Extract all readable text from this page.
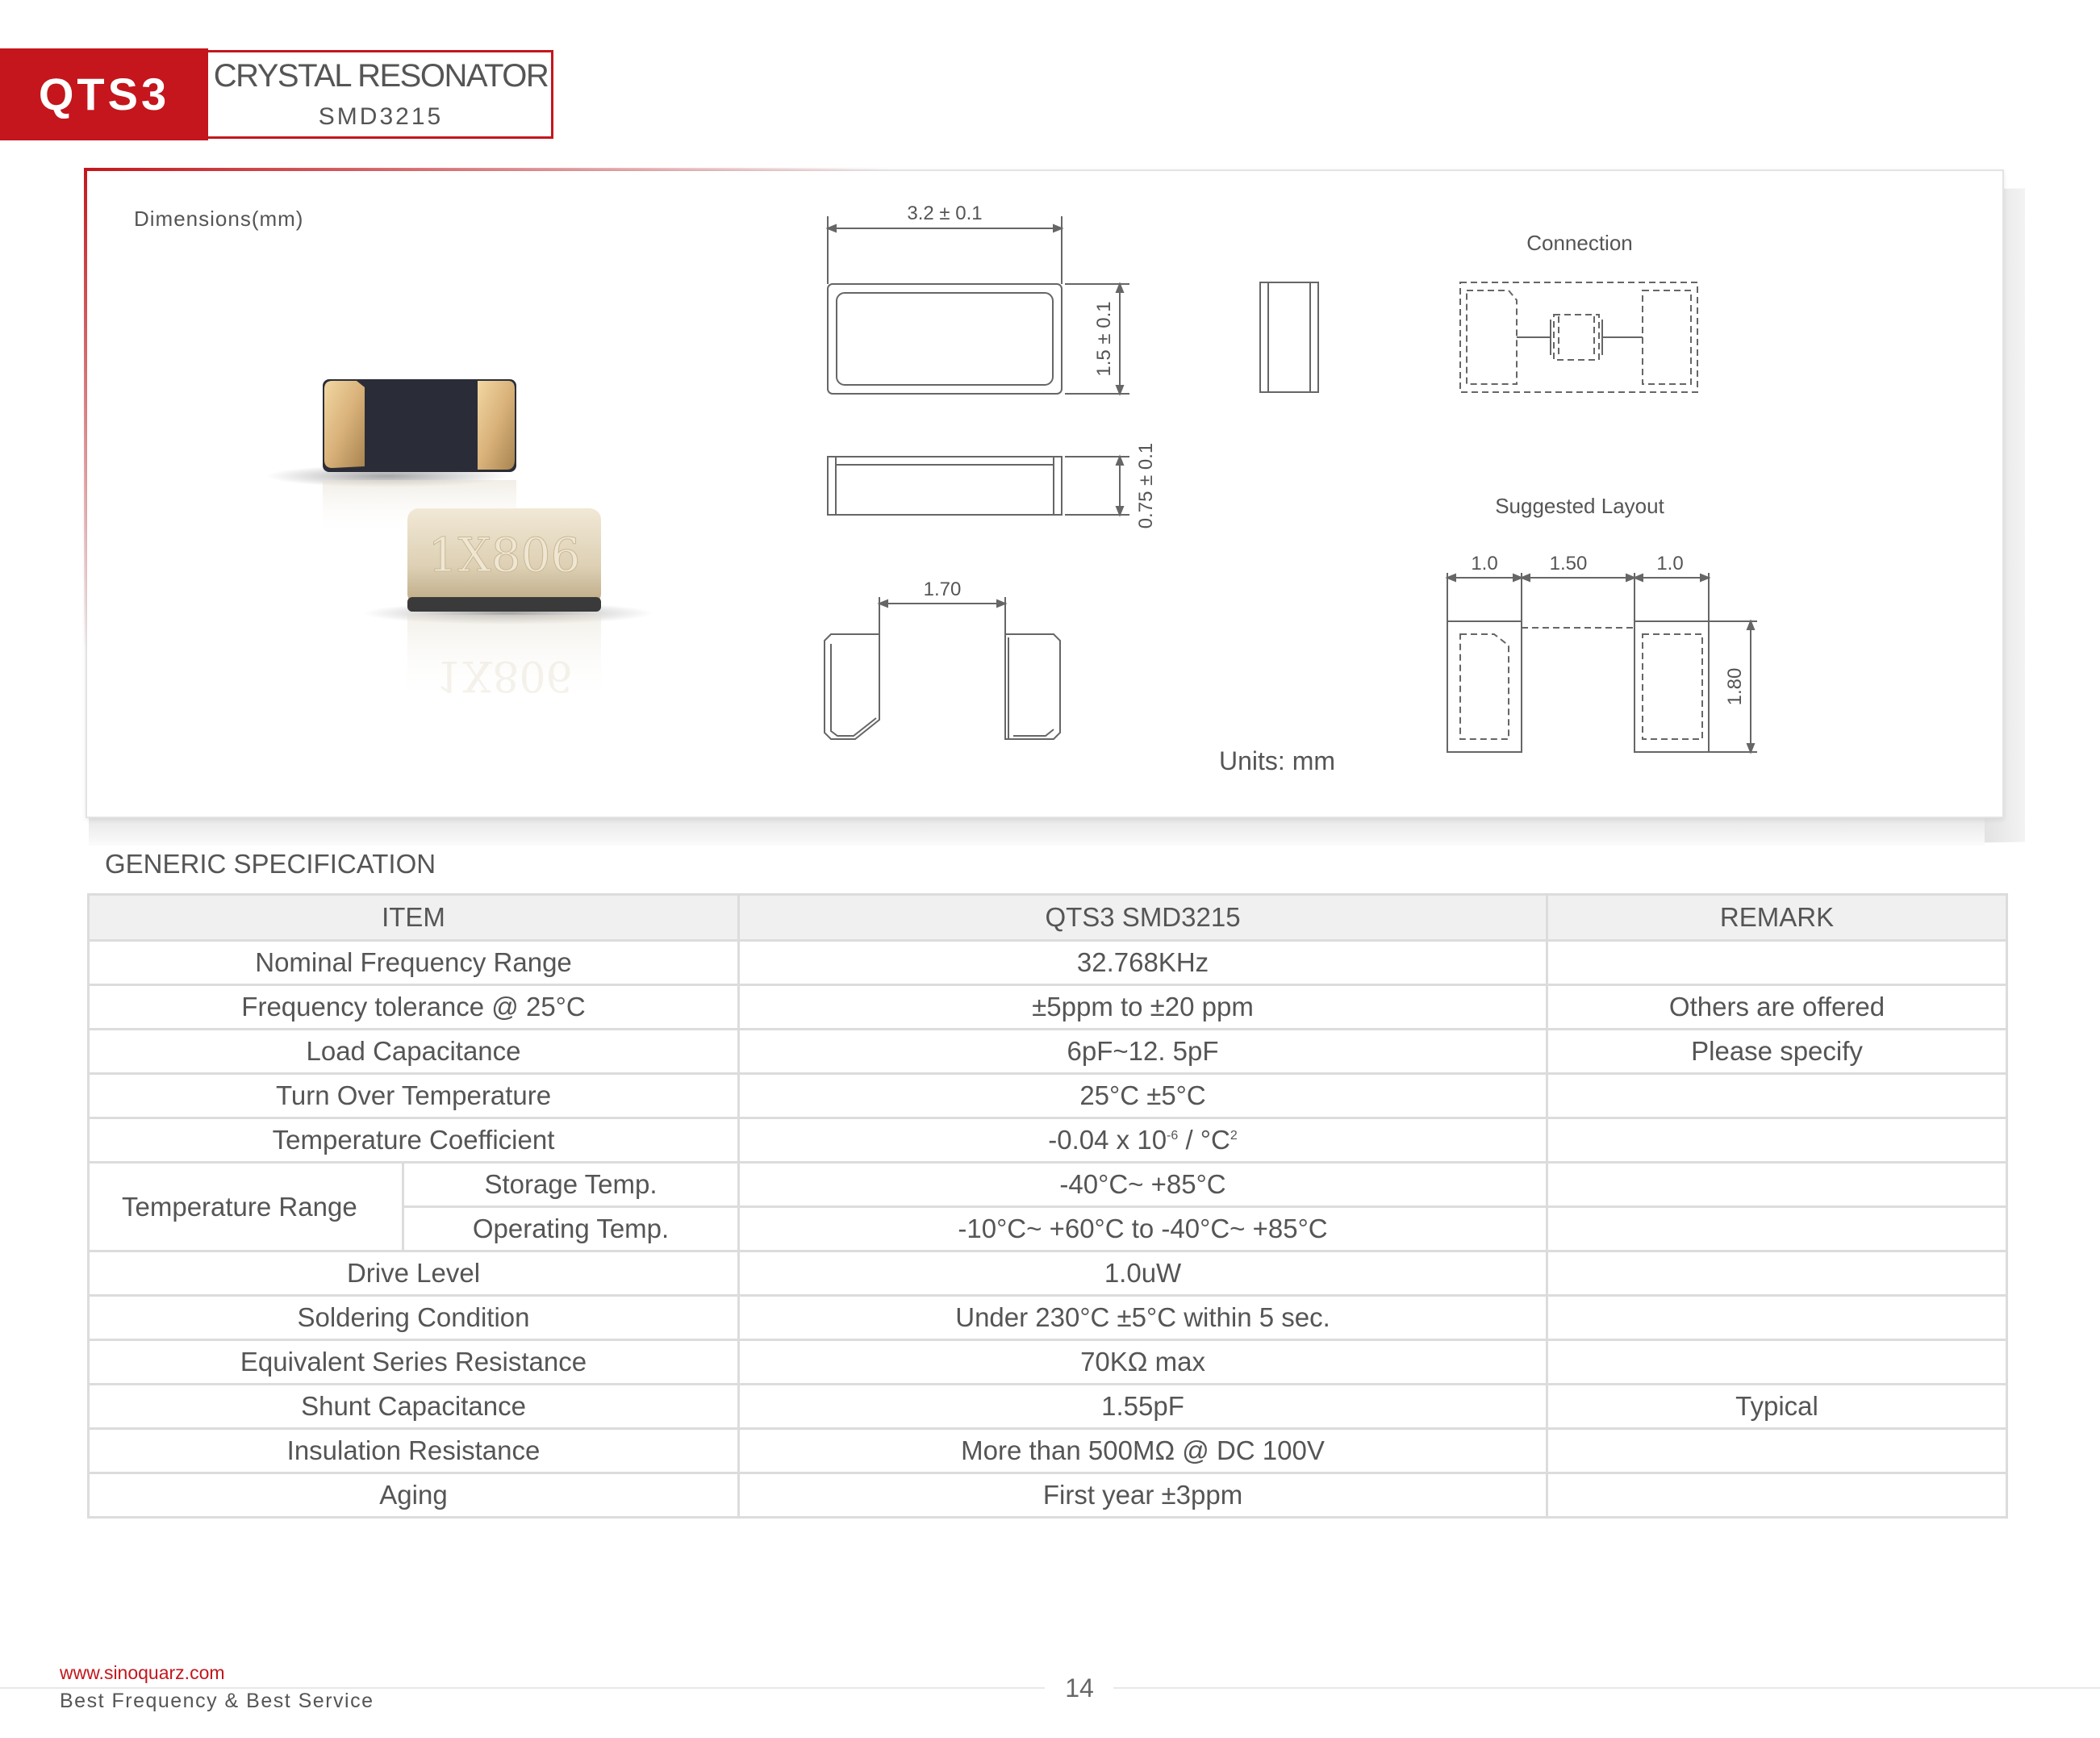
QTS3	CRYSTAL RESONATOR
SMD3215
Dimensions(mm)
1X806
1X806
3.2 ± 0.1
1.5 ± 0.1
0.75 ± 0.1
1.70
Units: mm
Connection
Suggested Layout
1.0	1.50	1.0
1.80
GENERIC SPECIFICATION
ITEM		QTS3 SMD3215	REMARK
Nominal Frequency Range		32.768KHz	
Frequency tolerance @ 25°C		±5ppm to ±20 ppm	Others are offered
Load Capacitance		6pF~12. 5pF	Please specify
Turn Over Temperature		25°C ±5°C	
Temperature Coefficient		-0.04 x $10^{-6} / ^\circ C^2$	
Temperature Range	Storage Temp.	-40°C~ +85°C	
	Operating Temp.	-10°C~ +60°C to -40°C~ +85°C	
Drive Level		1.0uW	
Soldering Condition		Under 230°C ±5°C within 5 sec.	
Equivalent Series Resistance		70KΩ max	
Shunt Capacitance		1.55pF	Typical
Insulation Resistance		More than 500MΩ @ DC 100V	
Aging		First year ±3ppm	
www.sinoquarz.com
Best Frequency & Best Service	14
